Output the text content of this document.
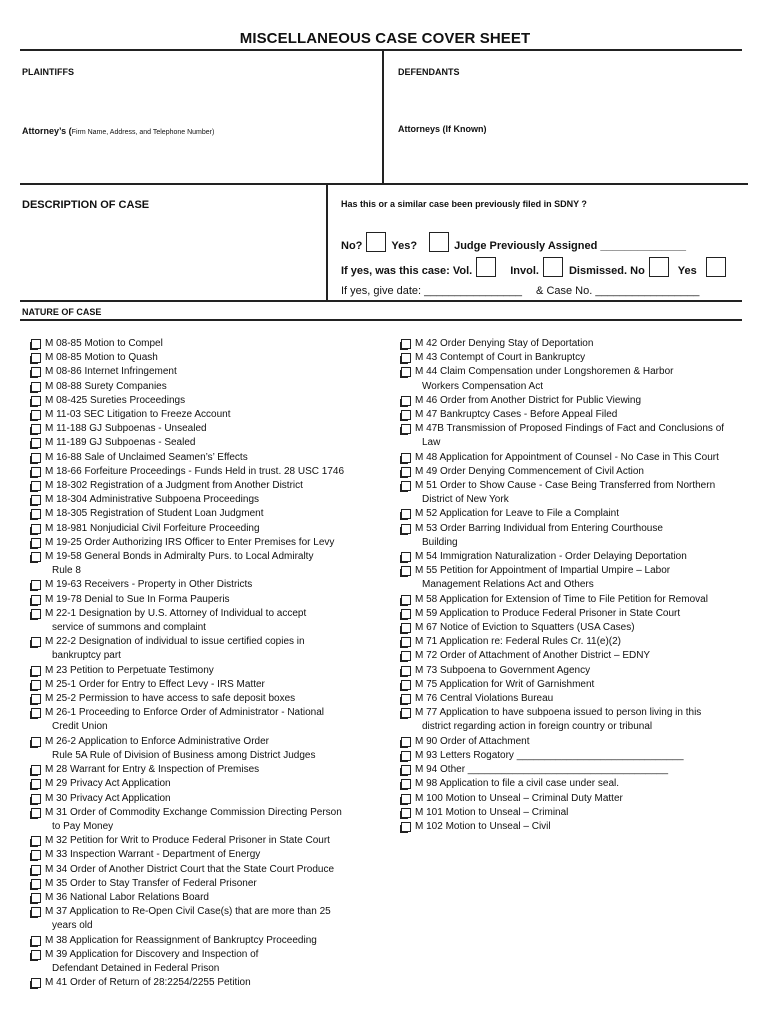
MISCELLANEOUS CASE COVER SHEET
PLAINTIFFS	DEFENDANTS
Attorney’s (Firm Name, Address, and Telephone Number)	Attorneys (If Known)
DESCRIPTION OF CASE	Has this or a similar case been previously filed in SDNY ?
No?	Yes?	Judge Previously Assigned ______________
If yes, was this case: Vol.	Invol.	Dismissed. No	Yes
If yes, give date: ________________ & Case No. _________________
NATURE OF CASE
M 08-85 Motion to Compel
M 08-85 Motion to Quash
M 08-86 Internet Infringement
M 08-88 Surety Companies
M 08-425 Sureties Proceedings
M 11-03 SEC Litigation to Freeze Account
M 11-188 GJ Subpoenas - Unsealed
M 11-189 GJ Subpoenas - Sealed
M 16-88 Sale of Unclaimed Seamen’s’ Effects
M 18-66 Forfeiture Proceedings - Funds Held in trust. 28 USC 1746
M 18-302 Registration of a Judgment from Another District
M 18-304 Administrative Subpoena Proceedings
M 18-305 Registration of Student Loan Judgment
M 18-981 Nonjudicial Civil Forfeiture Proceeding
M 19-25 Order Authorizing IRS Officer to Enter Premises for Levy
M 19-58 General Bonds in Admiralty Purs. to Local Admiralty
Rule 8
M 19-63 Receivers - Property in Other Districts
M 19-78 Denial to Sue In Forma Pauperis
M 22-1 Designation by U.S. Attorney of Individual to accept
service of summons and complaint
M 22-2 Designation of individual to issue certified copies in
bankruptcy part
M 23 Petition to Perpetuate Testimony
M 25-1 Order for Entry to Effect Levy - IRS Matter
M 25-2 Permission to have access to safe deposit boxes
M 26-1 Proceeding to Enforce Order of Administrator - National
Credit Union
M 26-2 Application to Enforce Administrative Order
Rule 5A Rule of Division of Business among District Judges
M 28 Warrant for Entry & Inspection of Premises
M 29 Privacy Act Application
M 30 Privacy Act Application
M 31 Order of Commodity Exchange Commission Directing Person
to Pay Money
M 32 Petition for Writ to Produce Federal Prisoner in State Court
M 33 Inspection Warrant - Department of Energy
M 34 Order of Another District Court that the State Court Produce
M 35 Order to Stay Transfer of Federal Prisoner
M 36 National Labor Relations Board
M 37 Application to Re-Open Civil Case(s) that are more than 25
years old
M 38 Application for Reassignment of Bankruptcy Proceeding
M 39 Application for Discovery and Inspection of
Defendant Detained in Federal Prison
M 41 Order of Return of 28:2254/2255 Petition
M 42 Order Denying Stay of Deportation
M 43 Contempt of Court in Bankruptcy
M 44 Claim Compensation under Longshoremen & Harbor
Workers Compensation Act
M 46 Order from Another District for Public Viewing
M 47 Bankruptcy Cases - Before Appeal Filed
M 47B Transmission of Proposed Findings of Fact and Conclusions of
Law
M 48 Application for Appointment of Counsel - No Case in This Court
M 49 Order Denying Commencement of Civil Action
M 51 Order to Show Cause - Case Being Transferred from Northern
District of New York
M 52 Application for Leave to File a Complaint
M 53 Order Barring Individual from Entering Courthouse
Building
M 54 Immigration Naturalization - Order Delaying Deportation
M 55 Petition for Appointment of Impartial Umpire – Labor
Management Relations Act and Others
M 58 Application for Extension of Time to File Petition for Removal
M 59 Application to Produce Federal Prisoner in State Court
M 67 Notice of Eviction to Squatters (USA Cases)
M 71 Application re: Federal Rules Cr. 11(e)(2)
M 72 Order of Attachment of Another District – EDNY
M 73 Subpoena to Government Agency
M 75 Application for Writ of Garnishment
M 76 Central Violations Bureau
M 77 Application to have subpoena issued to person living in this
district regarding action in foreign country or tribunal
M 90 Order of Attachment
M 93 Letters Rogatory ______________________________
M 94 Other ____________________________________
M 98 Application to file a civil case under seal.
M 100 Motion to Unseal – Criminal Duty Matter
M 101 Motion to Unseal – Criminal
M 102 Motion to Unseal – Civil
